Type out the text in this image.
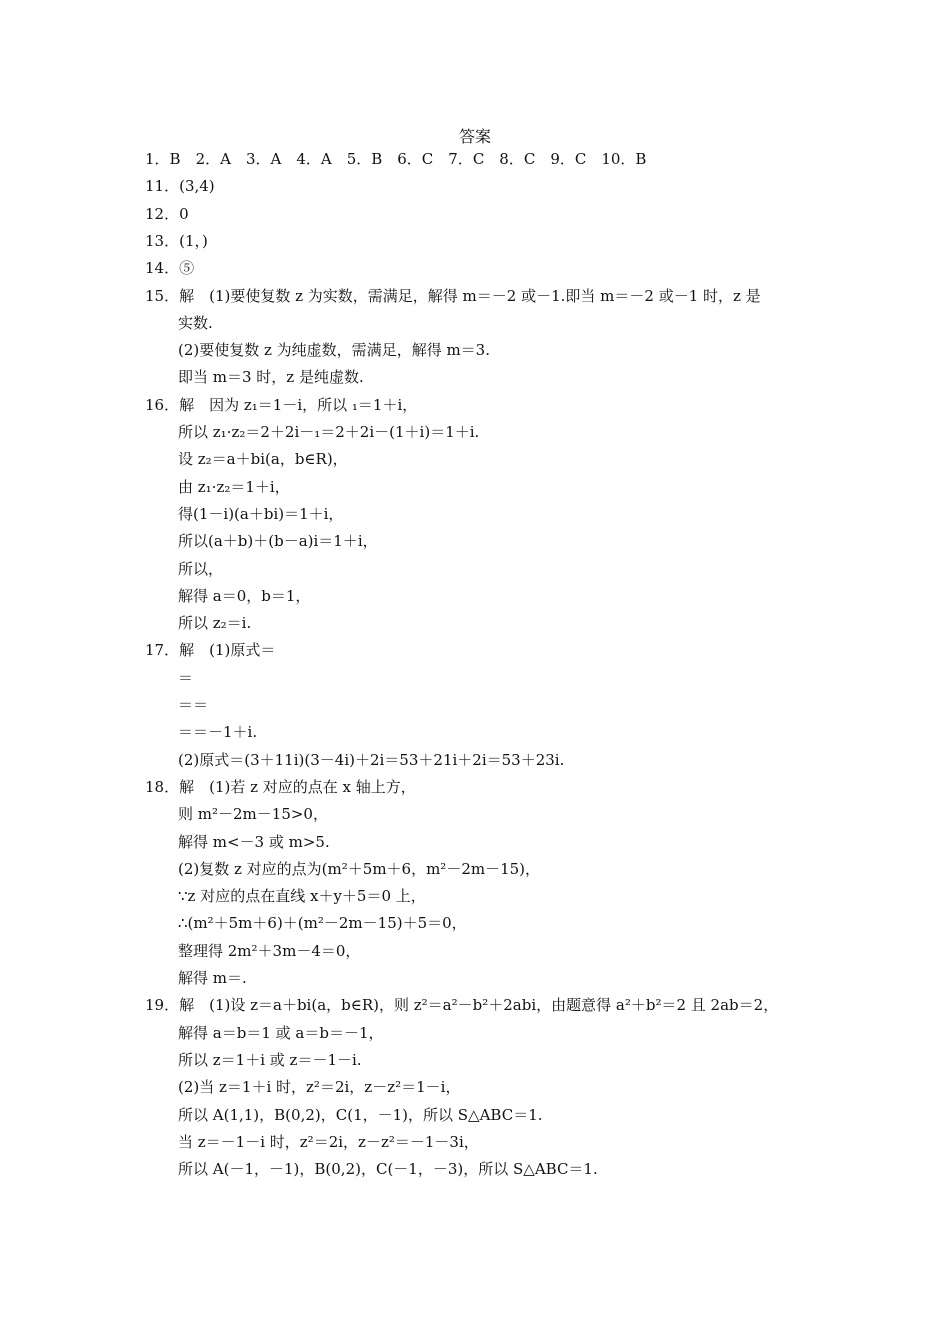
答案
1．B　2．A　3．A　4．A　5．B　6．C　7．C　8．C　9．C　10．B
11．(3,4)
12．0
13．(1，)
14．⑤
15．解　(1)要使复数 z 为实数，需满足，解得 m＝－2 或－1.即当 m＝－2 或－1 时，z 是
实数.
(2)要使复数 z 为纯虚数，需满足，解得 m＝3.
即当 m＝3 时，z 是纯虚数.
16．解　因为 z₁＝1－i，所以 ₁＝1＋i，
所以 z₁·z₂＝2＋2i－₁＝2＋2i－(1＋i)＝1＋i.
设 z₂＝a＋bi(a，b∈R)，
由 z₁·z₂＝1＋i，
得(1－i)(a＋bi)＝1＋i，
所以(a＋b)＋(b－a)i＝1＋i，
所以，
解得 a＝0，b＝1，
所以 z₂＝i.
17．解　(1)原式＝
＝
＝＝
＝＝－1＋i.
(2)原式＝(3＋11i)(3－4i)＋2i＝53＋21i＋2i＝53＋23i.
18．解　(1)若 z 对应的点在 x 轴上方，
则 m²－2m－15>0，
解得 m<－3 或 m>5.
(2)复数 z 对应的点为(m²＋5m＋6，m²－2m－15)，
∵z 对应的点在直线 x＋y＋5＝0 上，
∴(m²＋5m＋6)＋(m²－2m－15)＋5＝0，
整理得 2m²＋3m－4＝0，
解得 m＝.
19．解　(1)设 z＝a＋bi(a，b∈R)，则 z²＝a²－b²＋2abi，由题意得 a²＋b²＝2 且 2ab＝2，
解得 a＝b＝1 或 a＝b＝－1，
所以 z＝1＋i 或 z＝－1－i.
(2)当 z＝1＋i 时，z²＝2i，z－z²＝1－i，
所以 A(1,1)，B(0,2)，C(1，－1)，所以 S△ABC＝1.
当 z＝－1－i 时，z²＝2i，z－z²＝－1－3i，
所以 A(－1，－1)，B(0,2)，C(－1，－3)，所以 S△ABC＝1.
